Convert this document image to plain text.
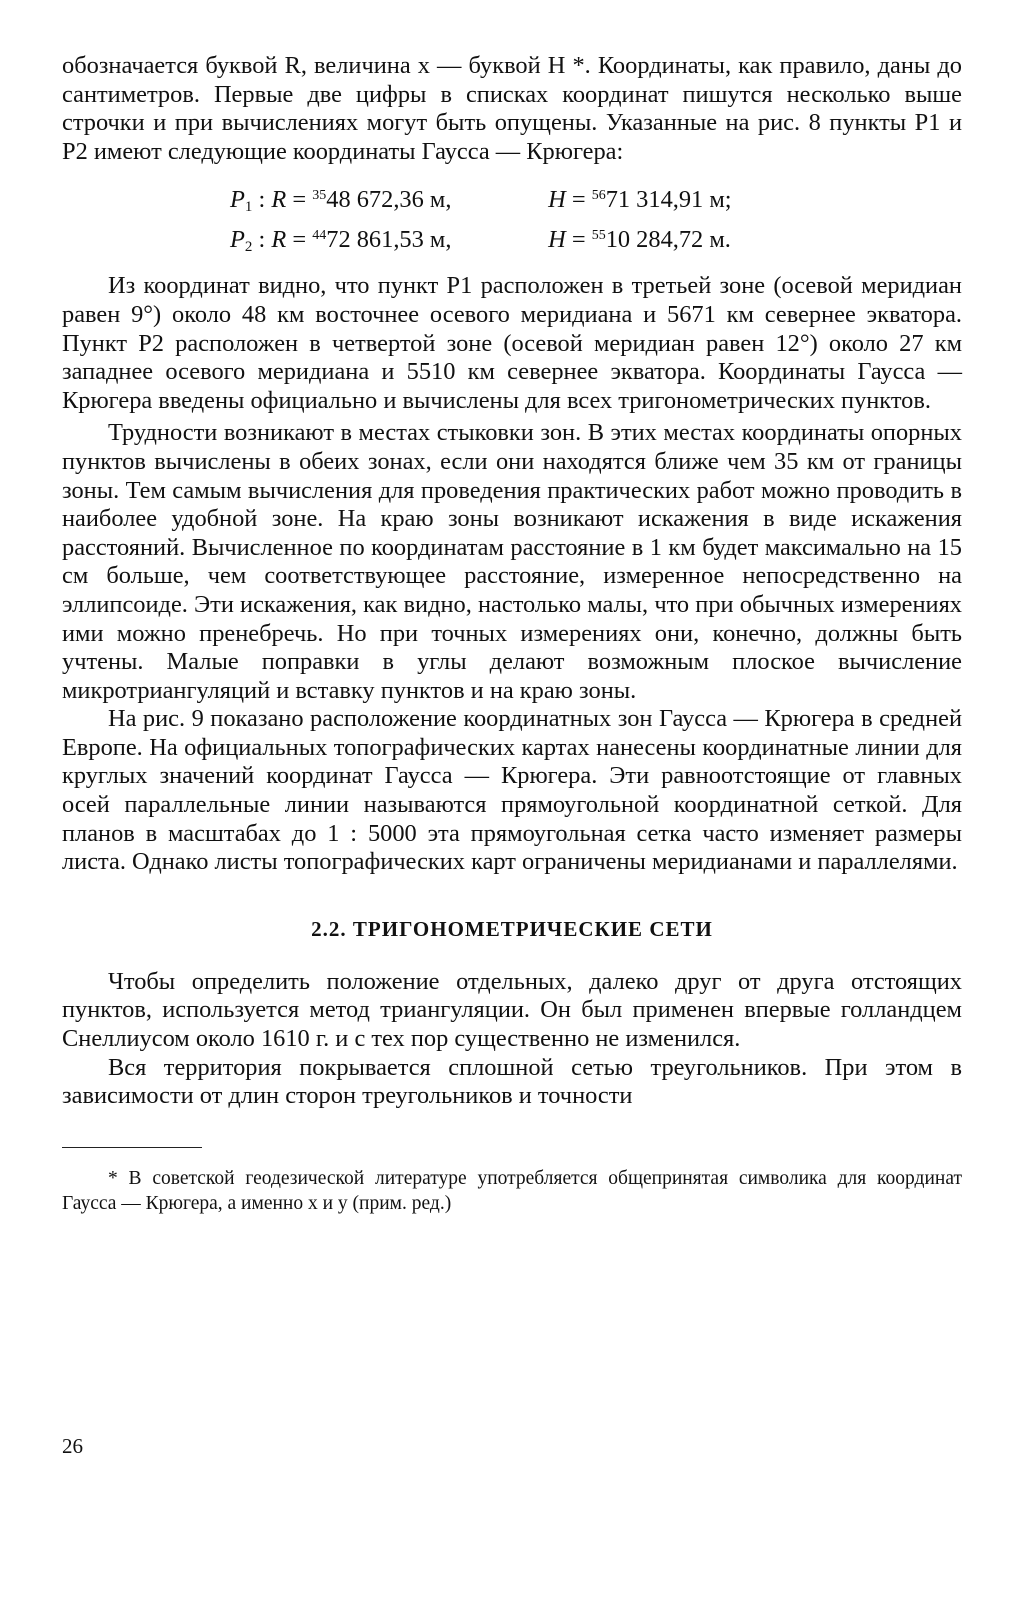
обозначается буквой R, величина x — буквой H *. Координаты, как правило, даны до сантиметров. Первые две цифры в списках координат пишутся несколько выше строчки и при вычислениях могут быть опущены. Указанные на рис. 8 пункты P1 и P2 имеют следующие координаты Гаусса — Крюгера:

$P_1$ : R = $^{35}$48 672,36 м,	H = $^{56}$71 314,91 м;
$P_2$ : R = $^{44}$72 861,53 м,	H = $^{55}$10 284,72 м.

Из координат видно, что пункт P1 расположен в третьей зоне (осевой меридиан равен 9°) около 48 км восточнее осевого меридиана и 5671 км севернее экватора. Пункт P2 расположен в четвертой зоне (осевой меридиан равен 12°) около 27 км западнее осевого меридиана и 5510 км севернее экватора. Координаты Гаусса — Крюгера введены официально и вычислены для всех тригонометрических пунктов.

Трудности возникают в местах стыковки зон. В этих местах координаты опорных пунктов вычислены в обеих зонах, если они находятся ближе чем 35 км от границы зоны. Тем самым вычисления для проведения практических работ можно проводить в наиболее удобной зоне. На краю зоны возникают искажения в виде искажения расстояний. Вычисленное по координатам расстояние в 1 км будет максимально на 15 см больше, чем соответствующее расстояние, измеренное непосредственно на эллипсоиде. Эти искажения, как видно, настолько малы, что при обычных измерениях ими можно пренебречь. Но при точных измерениях они, конечно, должны быть учтены. Малые поправки в углы делают возможным плоское вычисление микротриангуляций и вставку пунктов и на краю зоны.

На рис. 9 показано расположение координатных зон Гаусса — Крюгера в средней Европе. На официальных топографических картах нанесены координатные линии для круглых значений координат Гаусса — Крюгера. Эти равноотстоящие от главных осей параллельные линии называются прямоугольной координатной сеткой. Для планов в масштабах до 1 : 5000 эта прямоугольная сетка часто изменяет размеры листа. Однако листы топографических карт ограничены меридианами и параллелями.

2.2. ТРИГОНОМЕТРИЧЕСКИЕ СЕТИ

Чтобы определить положение отдельных, далеко друг от друга отстоящих пунктов, используется метод триангуляции. Он был применен впервые голландцем Снеллиусом около 1610 г. и с тех пор существенно не изменился.

Вся территория покрывается сплошной сетью треугольников. При этом в зависимости от длин сторон треугольников и точности

* В советской геодезической литературе употребляется общепринятая символика для координат Гаусса — Крюгера, а именно x и y (прим. ред.)

26
